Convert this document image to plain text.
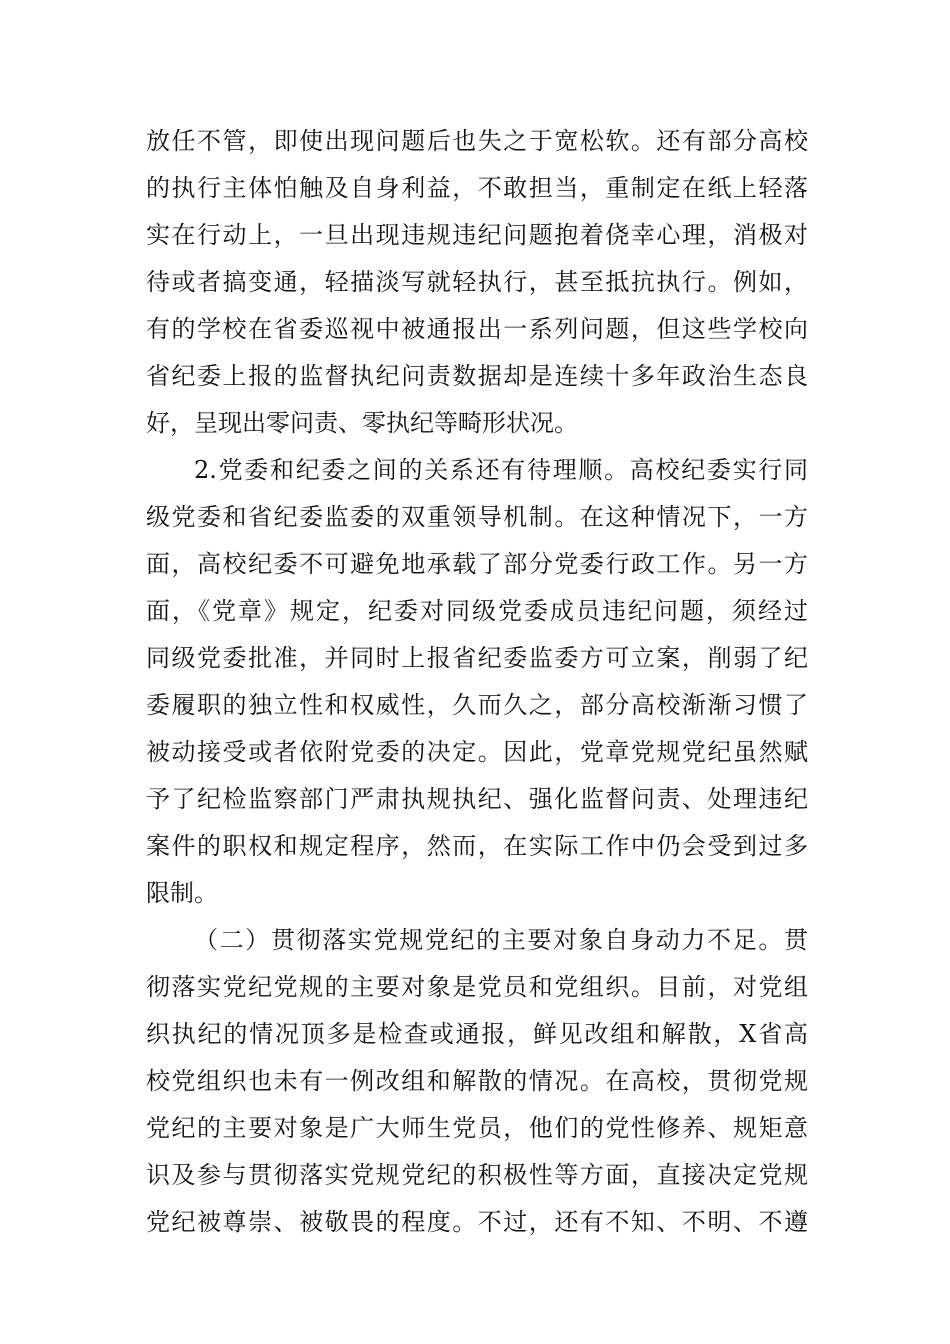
放任不管，即使出现问题后也失之于宽松软。还有部分高校
的执行主体怕触及自身利益，不敢担当，重制定在纸上轻落
实在行动上，一旦出现违规违纪问题抱着侥幸心理，消极对
待或者搞变通，轻描淡写就轻执行，甚至抵抗执行。例如，
有的学校在省委巡视中被通报出一系列问题，但这些学校向
省纪委上报的监督执纪问责数据却是连续十多年政治生态良
好，呈现出零问责、零执纪等畸形状况。
2.党委和纪委之间的关系还有待理顺。高校纪委实行同
级党委和省纪委监委的双重领导机制。在这种情况下，一方
面，高校纪委不可避免地承载了部分党委行政工作。另一方
面，《党章》规定，纪委对同级党委成员违纪问题，须经过
同级党委批准，并同时上报省纪委监委方可立案，削弱了纪
委履职的独立性和权威性，久而久之，部分高校渐渐习惯了
被动接受或者依附党委的决定。因此，党章党规党纪虽然赋
予了纪检监察部门严肃执规执纪、强化监督问责、处理违纪
案件的职权和规定程序，然而，在实际工作中仍会受到过多
限制。
（二）贯彻落实党规党纪的主要对象自身动力不足。贯
彻落实党纪党规的主要对象是党员和党组织。目前，对党组
织执纪的情况顶多是检查或通报，鲜见改组和解散，X省高
校党组织也未有一例改组和解散的情况。在高校，贯彻党规
党纪的主要对象是广大师生党员，他们的党性修养、规矩意
识及参与贯彻落实党规党纪的积极性等方面，直接决定党规
党纪被尊崇、被敬畏的程度。不过，还有不知、不明、不遵
